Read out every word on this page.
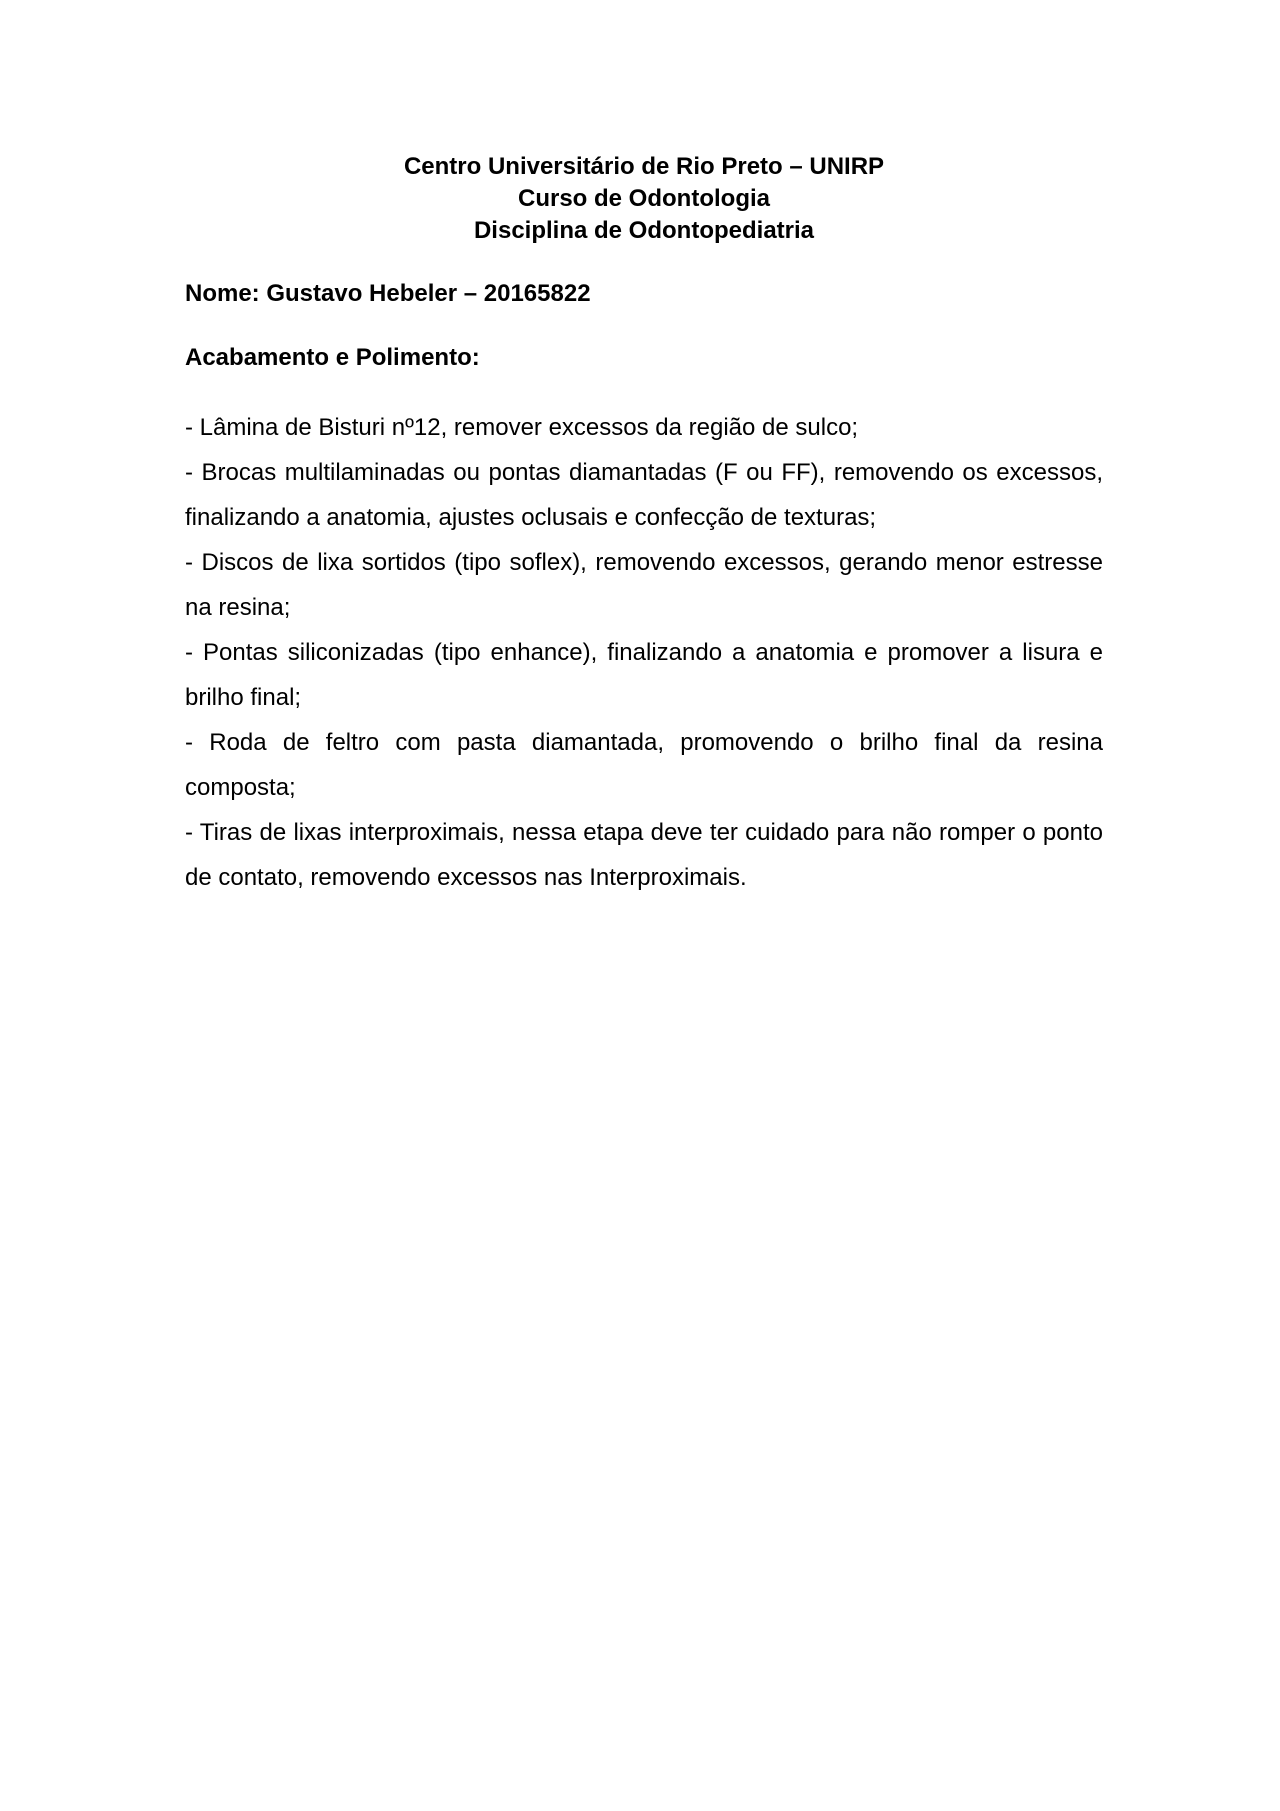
Centro Universitário de Rio Preto – UNIRP
Curso de Odontologia
Disciplina de Odontopediatria
Nome: Gustavo Hebeler – 20165822
Acabamento e Polimento:

- Lâmina de Bisturi nº12, remover excessos da região de sulco;

- Brocas multilaminadas ou pontas diamantadas (F ou FF), removendo os excessos, finalizando a anatomia, ajustes oclusais e confecção de texturas;

- Discos de lixa sortidos (tipo soflex), removendo excessos, gerando menor estresse na resina;

- Pontas siliconizadas (tipo enhance), finalizando a anatomia e promover a lisura e brilho final;

- Roda de feltro com pasta diamantada, promovendo o brilho final da resina composta;

- Tiras de lixas interproximais, nessa etapa deve ter cuidado para não romper o ponto de contato, removendo excessos nas Interproximais.
